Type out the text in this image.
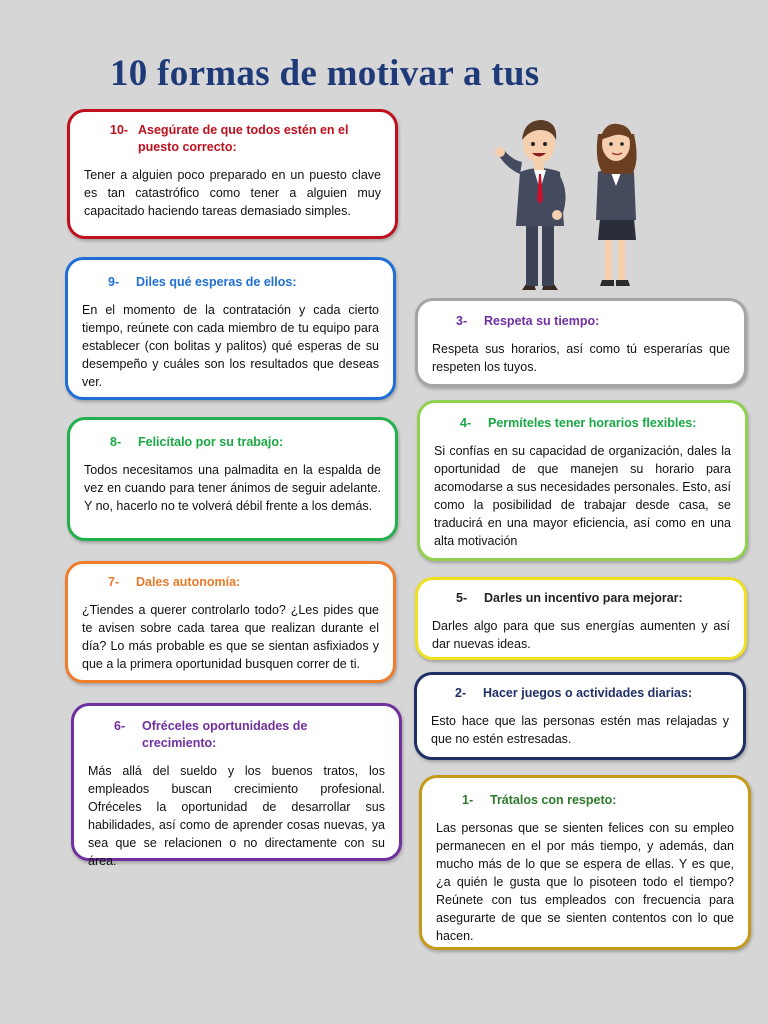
10 formas de motivar a tus

10- Asegúrate de que todos estén en el puesto correcto:

Tener a alguien poco preparado en un puesto clave es tan catastrófico como tener a alguien muy capacitado haciendo tareas demasiado simples.

9-	Diles qué esperas de ellos:

En el momento de la contratación y cada cierto tiempo, reúnete con cada miembro de tu equipo para establecer (con bolitas y palitos) qué esperas de su desempeño y cuáles son los resultados que deseas ver.

8-	Felicítalo por su trabajo:

Todos necesitamos una palmadita en la espalda de vez en cuando para tener ánimos de seguir adelante. Y no, hacerlo no te volverá débil frente a los demás.

7-	Dales autonomía:

¿Tiendes a querer controlarlo todo? ¿Les pides que te avisen sobre cada tarea que realizan durante el día? Lo más probable es que se sientan asfixiados y que a la primera oportunidad busquen correr de ti.

6-	Ofréceles oportunidades de crecimiento:

Más allá del sueldo y los buenos tratos, los empleados buscan crecimiento profesional. Ofréceles la oportunidad de desarrollar sus habilidades, así como de aprender cosas nuevas, ya sea que se relacionen o no directamente con su área.

3-	Respeta su tiempo:

Respeta sus horarios, así como tú esperarías que respeten los tuyos.

4-	Permíteles tener horarios flexibles:

Si confías en su capacidad de organización, dales la oportunidad de que manejen su horario para acomodarse a sus necesidades personales. Esto, así como la posibilidad de trabajar desde casa, se traducirá en una mayor eficiencia, así como en una alta motivación

5-	Darles un incentivo para mejorar:

Darles algo para que sus energías aumenten y así dar nuevas ideas.

2-	Hacer juegos o actividades diarias:

Esto hace que las personas estén mas relajadas y que no estén estresadas.

1-	Trátalos con respeto:

Las personas que se sienten felices con su empleo permanecen en el por más tiempo, y además, dan mucho más de lo que se espera de ellas. Y es que, ¿a quién le gusta que lo pisoteen todo el tiempo? Reúnete con tus empleados con frecuencia para asegurarte de que se sienten contentos con lo que hacen.
